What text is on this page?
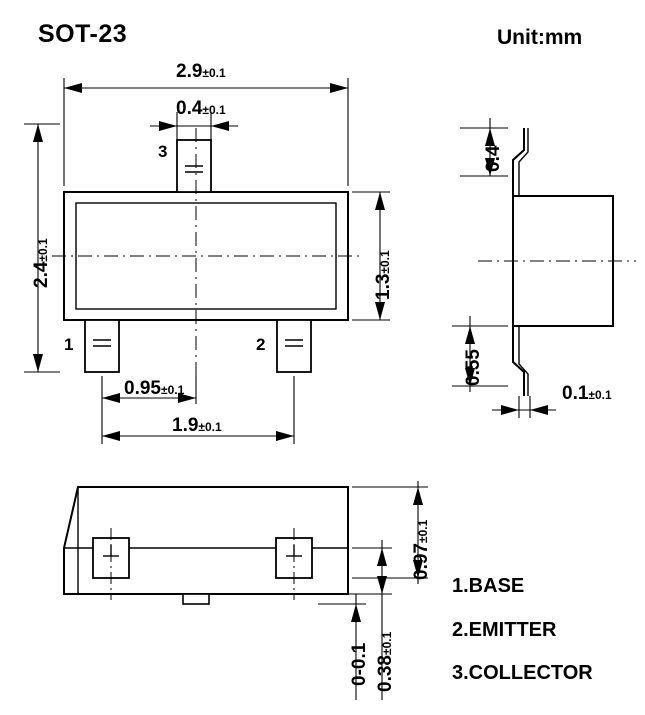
SOT-23	Unit:mm
2.9±0.1
0.4±0.1
1.3±0.1
2.4±0.1
0.95±0.1
1.9±0.1
3
1	2
0.4
0.55
0.1±0.1
0.97±0.1
0.38±0.1
0-0.1
1.BASE
2.EMITTER
3.COLLECTOR
